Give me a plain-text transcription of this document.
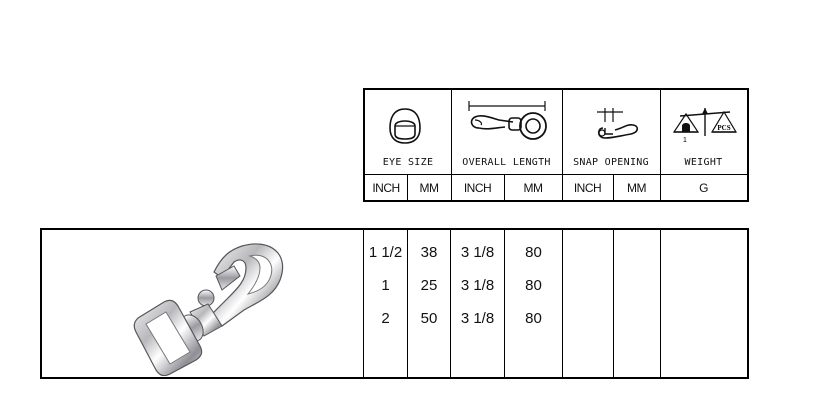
1
PCS
EYE SIZE	OVERALL LENGTH	SNAP OPENING	WEIGHT
INCH	MM	INCH	MM	INCH	MM	G
1 1/2	38	3 1/8	80
1	25	3 1/8	80
2	50	3 1/8	80
